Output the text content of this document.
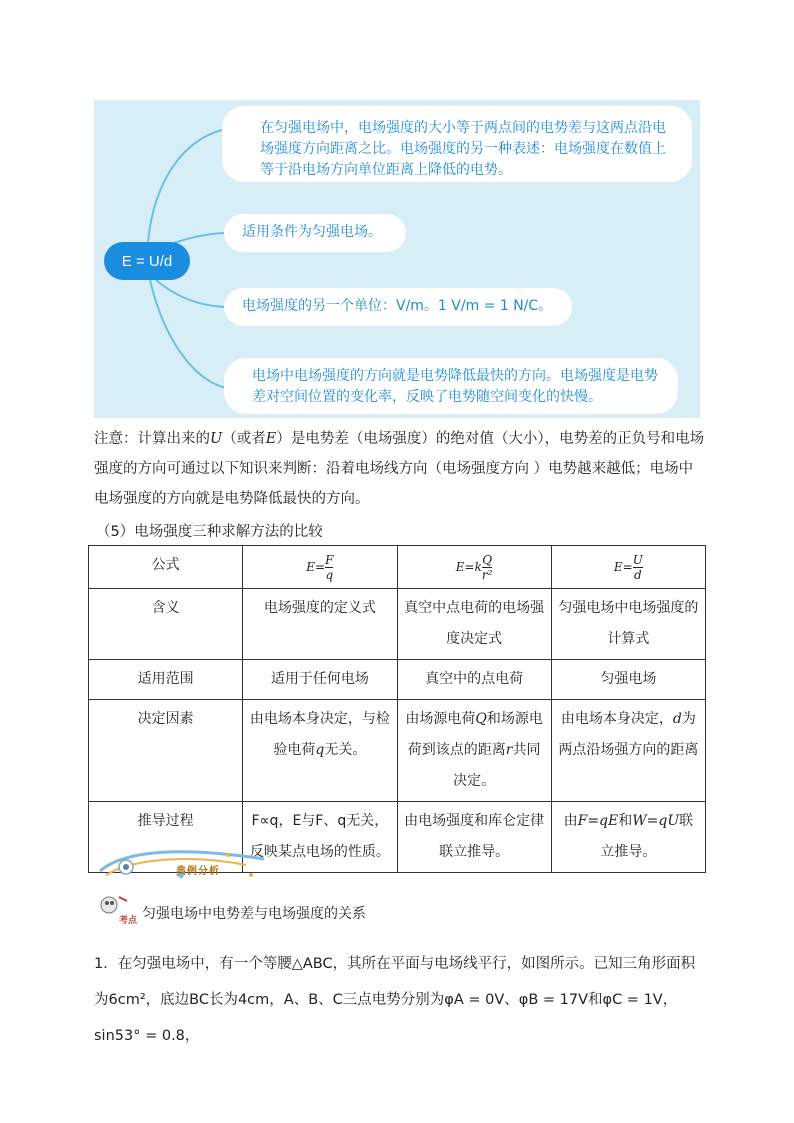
E = U/d
在匀强电场中，电场强度的大小等于两点间的电势差与这两点沿电场强度方向距离之比。电场强度的另一种表述：电场强度在数值上等于沿电场方向单位距离上降低的电势。
适用条件为匀强电场。
电场强度的另一个单位：V/m。1 V/m = 1 N/C。
电场中电场强度的方向就是电势降低最快的方向。电场强度是电势差对空间位置的变化率，反映了电势随空间变化的快慢。
注意：计算出来的U（或者E）是电势差（电场强度）的绝对值（大小），电势差的正负号和电场强度的方向可通过以下知识来判断：沿着电场线方向（电场强度方向 ）电势越来越低；电场中电场强度的方向就是电势降低最快的方向。
（5）电场强度三种求解方法的比较
公式	$E= \frac{F}{q}$	$E=k \frac{Q}{\text{r²}}$	$E= \frac{U}{d}$

含义	电场强度的定义式	真空中点电荷的电场强度决定式	匀强电场中电场强度的计算式
适用范围	适用于任何电场	真空中的点电荷	匀强电场
决定因素	由电场本身决定，与检验电荷q无关。	由场源电荷Q和场源电荷到该点的距离r共同决定。	由电场本身决定，d为两点沿场强方向的距离
推导过程	F∝q，E与F、q无关，反映某点电场的性质。	由电场强度和库仑定律联立推导。	由F=qE和W=qU联立推导。
典例分析
考点 匀强电场中电势差与电场强度的关系
1．在匀强电场中，有一个等腰△ABC，其所在平面与电场线平行，如图所示。已知三角形面积为6cm²，底边BC长为4cm，A、B、C三点电势分别为φA = 0V、φB = 17V和φC = 1V，sin53° = 0.8，
